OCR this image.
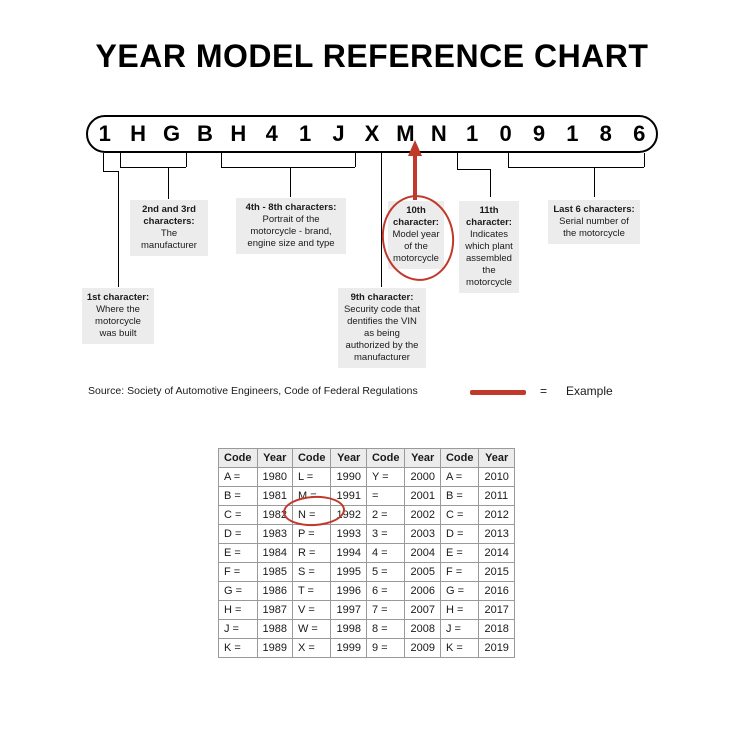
YEAR MODEL REFERENCE CHART
1 H G B H 4 1 J X M N 1 0 9 1 8 6
1st character:
Where the motorcycle was built
2nd and 3rd characters:
The manufacturer
4th - 8th characters:
Portrait of the motorcycle - brand, engine size and type
9th character:
Security code that dentifies the VIN as being authorized by the manufacturer
10th character:
Model year of the motorcycle
11th character:
Indicates which plant assembled the motorcycle
Last 6 characters:
Serial number of the motorcycle
Source: Society of Automotive Engineers, Code of Federal Regulations	= Example
Code	Year	Code	Year	Code	Year	Code	Year
A =	1980	L =	1990	Y =	2000	A =	2010
B =	1981	M =	1991	=	2001	B =	2011
C =	1982	N =	1992	2 =	2002	C =	2012
D =	1983	P =	1993	3 =	2003	D =	2013
E =	1984	R =	1994	4 =	2004	E =	2014
F =	1985	S =	1995	5 =	2005	F =	2015
G =	1986	T =	1996	6 =	2006	G =	2016
H =	1987	V =	1997	7 =	2007	H =	2017
J =	1988	W =	1998	8 =	2008	J =	2018
K =	1989	X =	1999	9 =	2009	K =	2019
